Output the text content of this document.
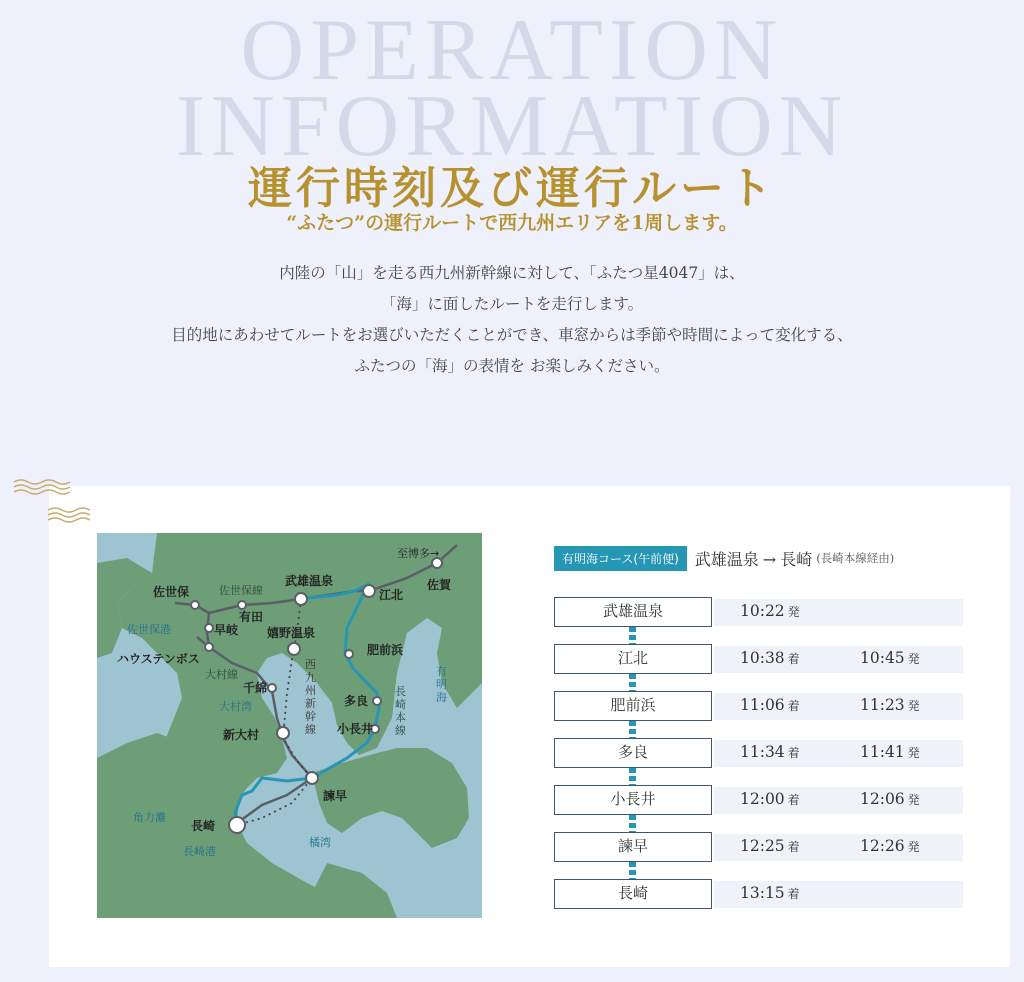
OPERATION
INFORMATION
運行時刻及び運行ルート
“ふたつ”の運行ルートで西九州エリアを1周します。

内陸の「山」を走る西九州新幹線に対して、「ふたつ星4047」は、

「海」に面したルートを走行します。

目的地にあわせてルートをお選びいただくことができ、車窓からは季節や時間によって変化する、

ふたつの「海」の表情を お楽しみください。

佐賀
武雄温泉
江北
佐世保
有田
早岐 嬉野温泉
肥前浜
ハウステンボス
千綿
多良
小長井
新大村
諫早
長崎
至博多→
佐世保線
大村線
佐世保港
大村湾
角力灘
長崎港
橘湾
西九州新幹線
長崎本線
有明海
有明海コース(午前便)	武雄温泉 → 長崎 (長崎本線経由)
武雄温泉	10:22 発
江北	10:38 着	10:45 発
肥前浜	11:06 着	11:23 発
多良	11:34 着	11:41 発
小長井	12:00 着	12:06 発
諫早	12:25 着	12:26 発
長崎	13:15 着
